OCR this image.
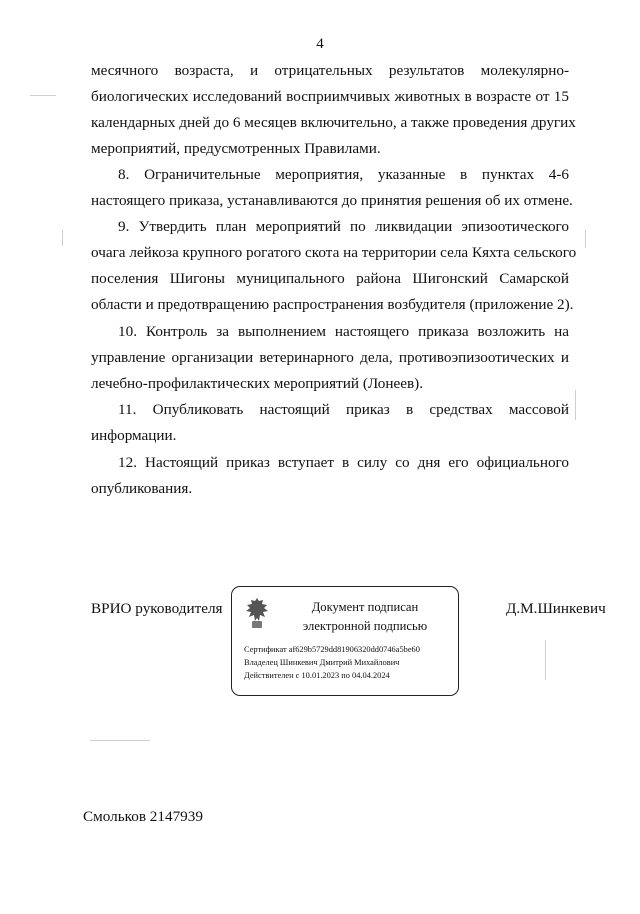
4
месячного возраста, и отрицательных результатов молекулярно-
биологических исследований восприимчивых животных в возрасте от 15
календарных дней до 6 месяцев включительно, а также проведения других
мероприятий, предусмотренных Правилами.
8. Ограничительные мероприятия, указанные в пунктах 4-6
настоящего приказа, устанавливаются до принятия решения об их отмене.
9. Утвердить план мероприятий по ликвидации эпизоотического
очага лейкоза крупного рогатого скота на территории села Кяхта сельского
поселения Шигоны муниципального района Шигонский Самарской
области и предотвращению распространения возбудителя (приложение 2).
10. Контроль за выполнением настоящего приказа возложить на
управление организации ветеринарного дела, противоэпизоотических и
лечебно-профилактических мероприятий (Лонеев).
11. Опубликовать настоящий приказ в средствах массовой
информации.
12. Настоящий приказ вступает в силу со дня его официального
опубликования.
ВРИО руководителя	Д.М.Шинкевич
Документ подписан
электронной подписью
Сертификат af629b5729dd81906320dd0746a5be60
Владелец Шинкевич Дмитрий Михайлович
Действителен с 10.01.2023 по 04.04.2024
Смольков 2147939
